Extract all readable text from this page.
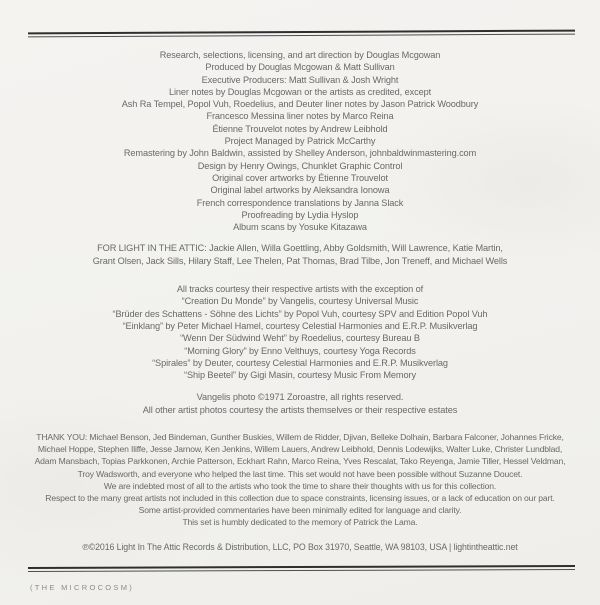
Research, selections, licensing, and art direction by Douglas Mcgowan
Produced by Douglas Mcgowan & Matt Sullivan
Executive Producers: Matt Sullivan & Josh Wright
Liner notes by Douglas Mcgowan or the artists as credited, except
Ash Ra Tempel, Popol Vuh, Roedelius, and Deuter liner notes by Jason Patrick Woodbury
Francesco Messina liner notes by Marco Reina
Étienne Trouvelot notes by Andrew Leibhold
Project Managed by Patrick McCarthy
Remastering by John Baldwin, assisted by Shelley Anderson, johnbaldwinmastering.com
Design by Henry Owings, Chunklet Graphic Control
Original cover artworks by Étienne Trouvelot
Original label artworks by Aleksandra Ionowa
French correspondence translations by Janna Slack
Proofreading by Lydia Hyslop
Album scans by Yosuke Kitazawa
FOR LIGHT IN THE ATTIC: Jackie Allen, Willa Goettling, Abby Goldsmith, Will Lawrence, Katie Martin,
Grant Olsen, Jack Sills, Hilary Staff, Lee Thelen, Pat Thomas, Brad Tilbe, Jon Treneff, and Michael Wells
All tracks courtesy their respective artists with the exception of
“Creation Du Monde” by Vangelis, courtesy Universal Music
“Brüder des Schattens - Söhne des Lichts” by Popol Vuh, courtesy SPV and Edition Popol Vuh
“Einklang” by Peter Michael Hamel, courtesy Celestial Harmonies and E.R.P. Musikverlag
“Wenn Der Südwind Weht” by Roedelius, courtesy Bureau B
“Morning Glory” by Enno Velthuys, courtesy Yoga Records
“Spirales” by Deuter, courtesy Celestial Harmonies and E.R.P. Musikverlag
“Ship Beetel” by Gigi Masin, courtesy Music From Memory
Vangelis photo ©1971 Zoroastre, all rights reserved.
All other artist photos courtesy the artists themselves or their respective estates
THANK YOU: Michael Benson, Jed Bindeman, Gunther Buskies, Willem de Ridder, Djivan, Belleke Dolhain, Barbara Falconer, Johannes Fricke,
Michael Hoppe, Stephen Iliffe, Jesse Jarnow, Ken Jenkins, Willem Lauers, Andrew Leibhold, Dennis Lodewijks, Walter Luke, Christer Lundblad,
Adam Mansbach, Topias Parkkonen, Archie Patterson, Eckhart Rahn, Marco Reina, Yves Rescalat, Tako Reyenga, Jamie Tiller, Hessel Veldman,
Troy Wadsworth, and everyone who helped the last time. This set would not have been possible without Suzanne Doucet.
We are indebted most of all to the artists who took the time to share their thoughts with us for this collection.
Respect to the many great artists not included in this collection due to space constraints, licensing issues, or a lack of education on our part.
Some artist-provided commentaries have been minimally edited for language and clarity.
This set is humbly dedicated to the memory of Patrick the Lama.
℗©2016 Light In The Attic Records & Distribution, LLC, PO Box 31970, Seattle, WA 98103, USA | lightintheattic.net
(THE MICROCOSM)
